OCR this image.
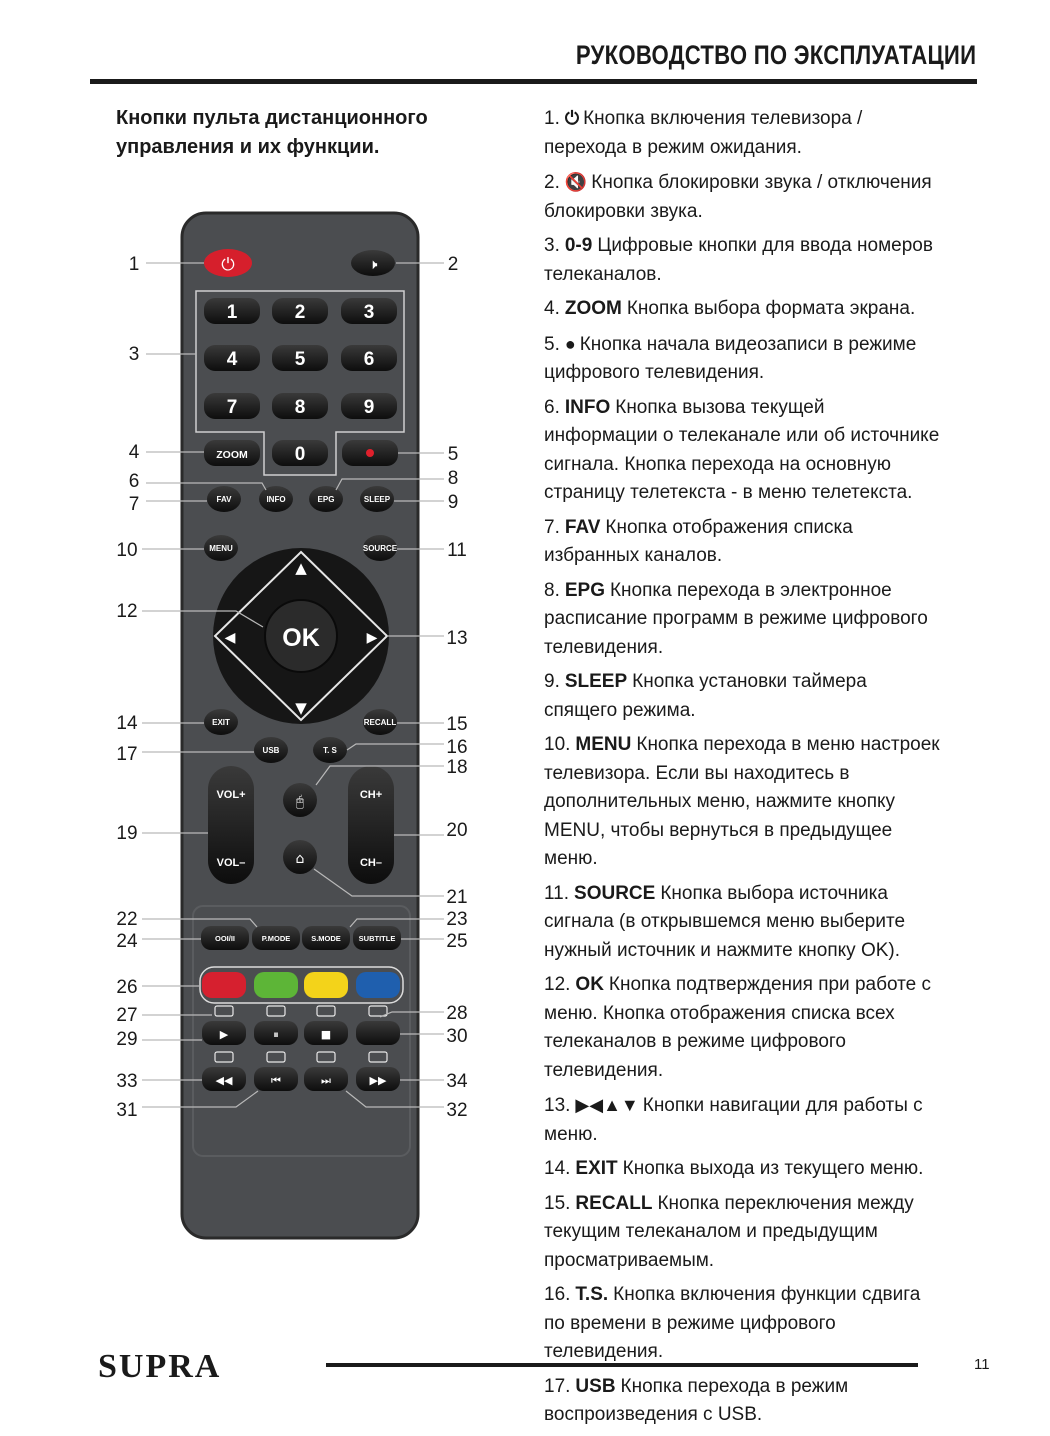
РУКОВОДСТВО ПО ЭКСПЛУАТАЦИИ
Кнопки пульта дистанционного управления и их функции.
1. ⏻ Кнопка включения телевизора / перехода в режим ожидания.
2. 🔇 Кнопка блокировки звука / отключения блокировки звука.
3. 0-9 Цифровые кнопки для ввода номеров телеканалов.
4. ZOOM Кнопка выбора формата экрана.
5. ● Кнопка начала видеозаписи в режиме цифрового телевидения.
6. INFO Кнопка вызова текущей информации о телеканале или об источнике сигнала. Кнопка перехода на основную страницу телетекста - в меню телетекста.
7. FAV Кнопка отображения списка избранных каналов.
8. EPG Кнопка перехода в электронное расписание программ в режиме цифрового телевидения.
9. SLEEP Кнопка установки таймера спящего режима.
10. MENU Кнопка перехода в меню настроек телевизора. Если вы находитесь в дополнительных меню, нажмите кнопку MENU, чтобы вернуться в предыдущее меню.
11. SOURCE Кнопка выбора источника сигнала (в открывшемся меню выберите нужный источник и нажмите кнопку OK).
12. OK Кнопка подтверждения при работе с меню. Кнопка отображения списка всех телеканалов в режиме цифрового телевидения.
13. ▶◀▲▼ Кнопки навигации для работы с меню.
14. EXIT Кнопка выхода из текущего меню.
15. RECALL Кнопка переключения между текущим телеканалом и предыдущим просматриваемым.
16. T.S. Кнопка включения функции сдвига по времени в режиме цифрового телевидения.
17. USB Кнопка перехода в режим воспроизведения с USB.
⏻	🕨
1	2	3
4	5	6
7	8	9
0
ZOOM
FAV	INFO	EPG	SLEEP
MENU	SOURCE
EXIT	RECALL
USB	T. S
▲
▼
◀	▶
OK
VOL+
VOL–
CH+
CH–
🖰
⌂
OOI/II	P.MODE	S.MODE SUBTITLE
▶	⏸	■
◀◀	⏮	⏭	▶▶
1	2
3
4	5
6
7
8
9
10	11
12
13
14	15
16
17
18
19	20
21
22	23
24	25
26
27	28
29	30
31	32
33	34
SUPRA	11
